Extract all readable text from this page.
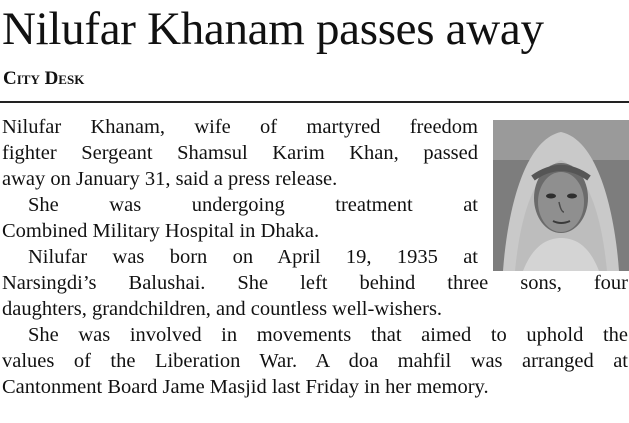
Nilufar Khanam passes away
City Desk
Nilufar Khanam, wife of martyred freedom
fighter Sergeant Shamsul Karim Khan, passed
away on January 31, said a press release.
She was undergoing treatment at
Combined Military Hospital in Dhaka.
Nilufar was born on April 19, 1935 at
Narsingdi’s Balushai. She left behind three sons, four
daughters, grandchildren, and countless well-wishers.
She was involved in movements that aimed to uphold the
values of the Liberation War. A doa mahfil was arranged at
Cantonment Board Jame Masjid last Friday in her memory.
